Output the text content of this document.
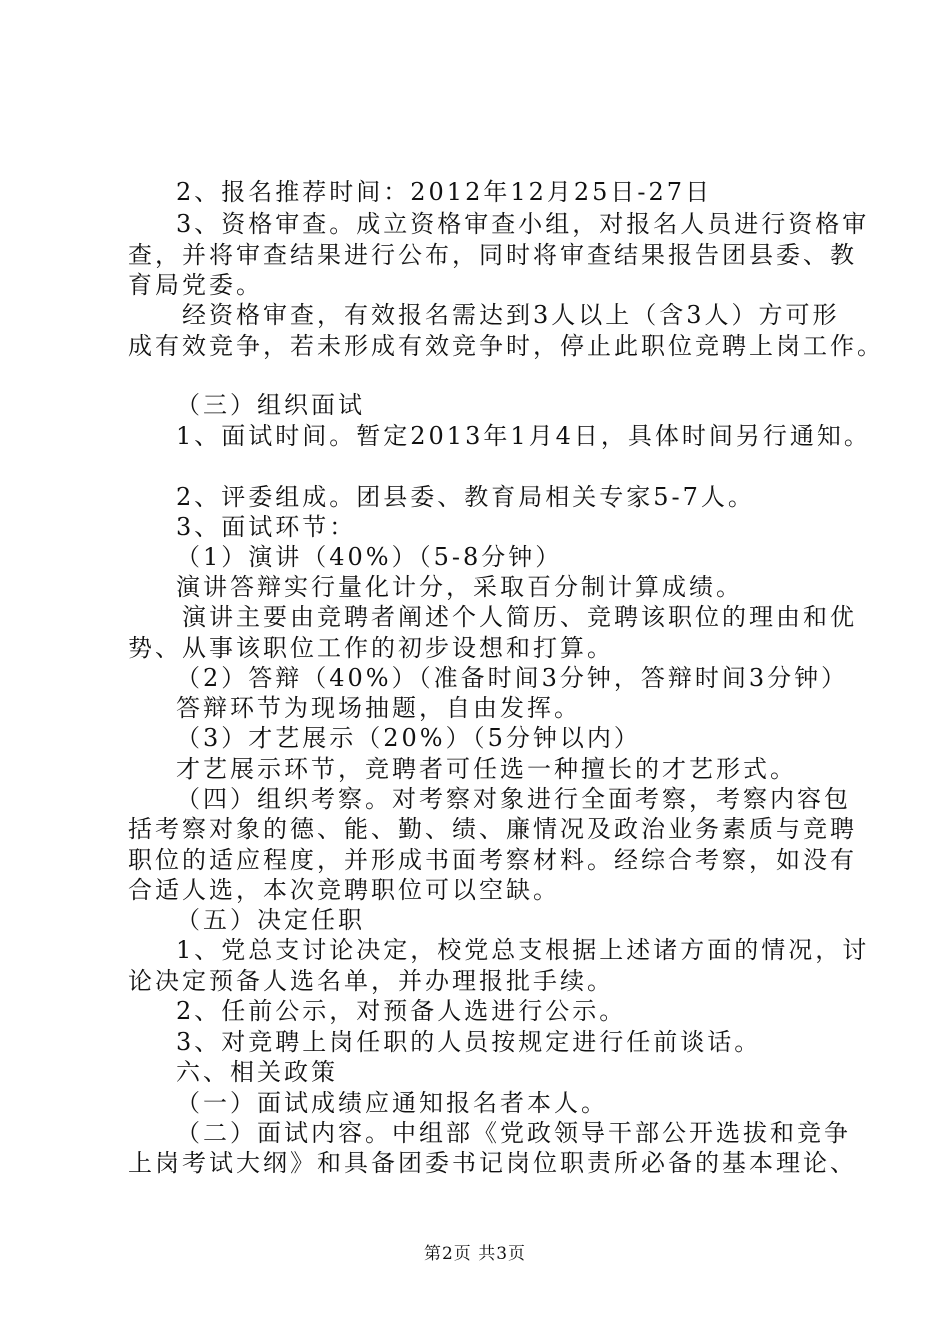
2、报名推荐时间：2012年12月25日-27日
3、资格审查。成立资格审查小组，对报名人员进行资格审
查，并将审查结果进行公布，同时将审查结果报告团县委、教
育局党委。
经资格审查，有效报名需达到3人以上（含3人）方可形
成有效竞争，若未形成有效竞争时，停止此职位竞聘上岗工作。
（三）组织面试
1、面试时间。暂定2013年1月4日，具体时间另行通知。
2、评委组成。团县委、教育局相关专家5-7人。
3、面试环节：
（1）演讲（40%）（5-8分钟）
演讲答辩实行量化计分，采取百分制计算成绩。
演讲主要由竞聘者阐述个人简历、竞聘该职位的理由和优
势、从事该职位工作的初步设想和打算。
（2）答辩（40%）（准备时间3分钟，答辩时间3分钟）
答辩环节为现场抽题，自由发挥。
（3）才艺展示（20%）（5分钟以内）
才艺展示环节，竞聘者可任选一种擅长的才艺形式。
（四）组织考察。对考察对象进行全面考察，考察内容包
括考察对象的德、能、勤、绩、廉情况及政治业务素质与竞聘
职位的适应程度，并形成书面考察材料。经综合考察，如没有
合适人选，本次竞聘职位可以空缺。
（五）决定任职
1、党总支讨论决定，校党总支根据上述诸方面的情况，讨
论决定预备人选名单，并办理报批手续。
2、任前公示，对预备人选进行公示。
3、对竞聘上岗任职的人员按规定进行任前谈话。
六、相关政策
（一）面试成绩应通知报名者本人。
（二）面试内容。中组部《党政领导干部公开选拔和竞争
上岗考试大纲》和具备团委书记岗位职责所必备的基本理论、
第2页 共3页
